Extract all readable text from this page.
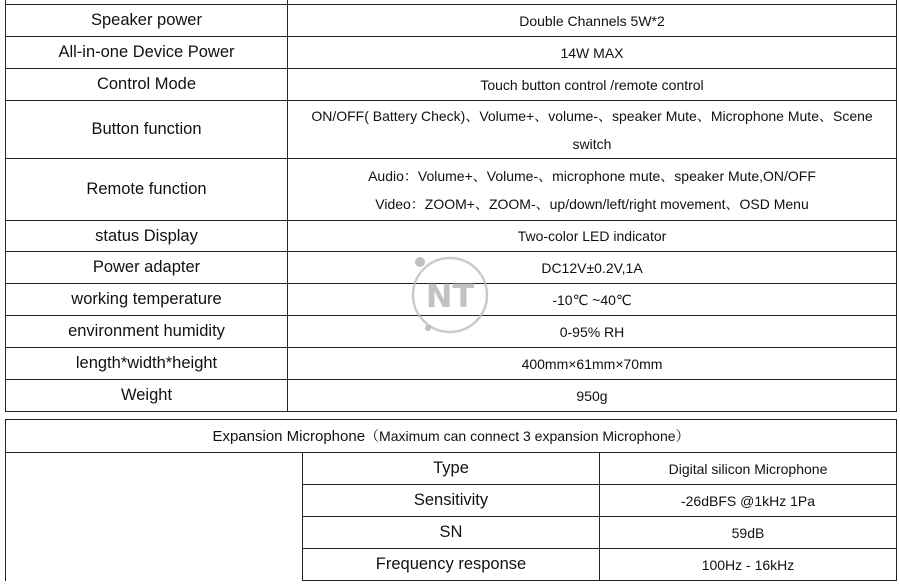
Speaker power	Double Channels 5W*2
All-in-one Device Power	14W MAX
Control Mode	Touch button control /remote control
Button function	ON/OFF( Battery Check)、Volume+、volume-、speaker Mute、Microphone Mute、Scene switch
Remote function	Audio：Volume+、Volume-、microphone mute、speaker Mute,ON/OFF
Video：ZOOM+、ZOOM-、up/down/left/right movement、OSD Menu

status Display	Two-color LED indicator
Power adapter	DC12V±0.2V,1A
working temperature	-10℃ ~40℃
environment humidity	0-95% RH
length*width*height	400mm×61mm×70mm
Weight	950g
Expansion Microphone（Maximum can connect 3 expansion Microphone）		
	Type	Digital silicon Microphone
	Sensitivity	-26dBFS @1kHz 1Pa
	SN	59dB
	Frequency response	100Hz - 16kHz
NT
